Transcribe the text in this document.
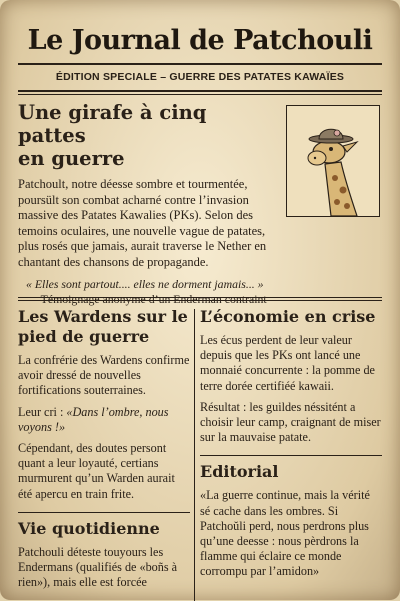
Le Journal de Patchouli
ÉDITION SPECIALE – GUERRE DES PATATES KAWAÏES
Une girafe à cinq pattes
en guerre
Patchoult, notre déesse sombre et tourmentée, poursült son combat acharné contre l’invasion massive des Patates Kawalies (PKs). Selon des temoins oculaires, une nouvelle vague de patates, plus rosés que jamais, aurait traverse le Nether en chantant des chansons de propagande.
« Elles sont partout.... elles ne dorment jamais... »
– Témoignage anonyme d’un Enderman contraint
Les Wardens sur le pied de guerre
La confrérie des Wardens confirme avoir dressé de nouvelles fortifications souterraines.
Leur cri : «Dans l’ombre, nous voyons !»
Cépendant, des doutes persont quant a leur loyauté, certians murmurent qu’un Warden aurait été apercu en train frite.
Vie quotidienne
Patchouli déteste touyours les Endermans (qualifiés de «boñs à rien»), mais elle est forcée
L’économie en crise
Les écus perdent de leur valeur depuis que les PKs ont lancé une monnaié concurrente : la pomme de terre dorée certifiéé kawaii.
Résultat : les guildes néssitént a choisir leur camp, craignant de miser sur la mauvaise patate.
Editorial
«La guerre continue, mais la vérité sé cache dans les ombres. Si Patchoŭli perd, nous perdrons plus qu’une deesse : nous pèrdrons la flamme qui éclaire ce monde corrompu par l’amidon»
